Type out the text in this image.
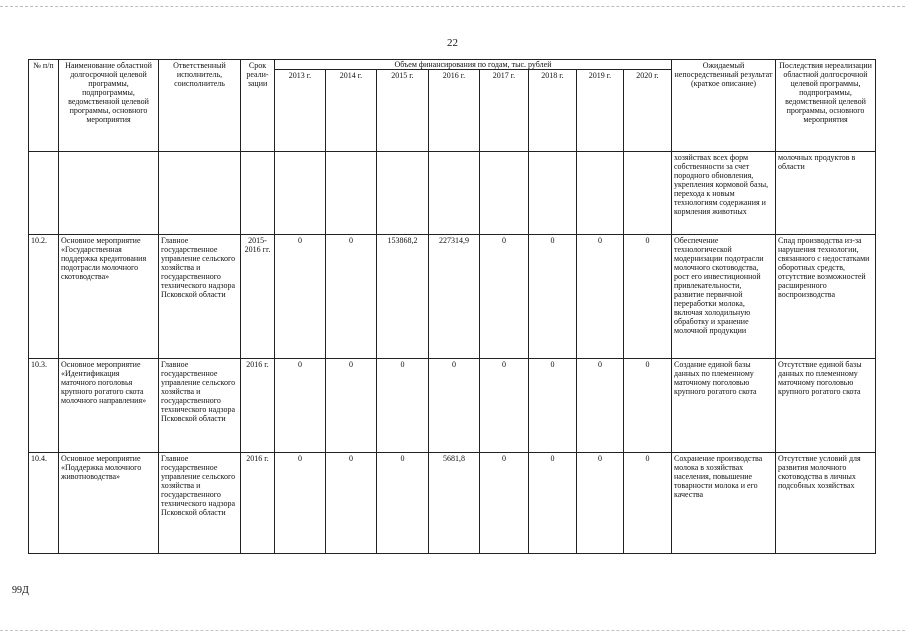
22
№ п/п	Наименование областной долгосрочной целевой программы, подпрограммы, ведомственной целевой программы, основного мероприятия	Ответственный исполнитель, соисполнитель	Срок реали-зации	Объем финансирования по годам, тыс. рублей								Ожидаемый непосредственный результат (краткое описание)	Последствия нереализации областной долгосрочной целевой программы, подпрограммы, ведомственной целевой программы, основного мероприятия
				2013 г.	2014 г.	2015 г.	2016 г.	2017 г.	2018 г.	2019 г.	2020 г.		
												хозяйствах всех форм собственности за счет породного обновления, укрепления кормовой базы, перехода к новым технологиям содержания и кормления животных	молочных продуктов в области
10.2.	Основное мероприятие «Государственная поддержка кредитования подотрасли молочного скотоводства»	Главное государственное управление сельского хозяйства и государственного технического надзора Псковской области	2015-2016 гг.	0	0	153868,2	227314,9	0	0	0	0	Обеспечение технологической модернизации подотрасли молочного скотоводства, рост его инвестиционной привлекательности, развитие первичной переработки молока, включая холодильную обработку и хранение молочной продукции	Спад производства из-за нарушения технологии, связанного с недостатками оборотных средств, отсутствие возможностей расширенного воспроизводства
10.3.	Основное мероприятие «Идентификация маточного поголовья крупного рогатого скота молочного направления»	Главное государственное управление сельского хозяйства и государственного технического надзора Псковской области	2016 г.	0	0	0	0	0	0	0	0	Создание единой базы данных по племенному маточному поголовью крупного рогатого скота	Отсутствие единой базы данных по племенному маточному поголовью крупного рогатого скота
10.4.	Основное мероприятие «Поддержка молочного животноводства»	Главное государственное управление сельского хозяйства и государственного технического надзора Псковской области	2016 г.	0	0	0	5681,8	0	0	0	0	Сохранение производства молока в хозяйствах населения, повышение товарности молока и его качества	Отсутствие условий для развития молочного скотоводства в личных подсобных хозяйствах
99Д
